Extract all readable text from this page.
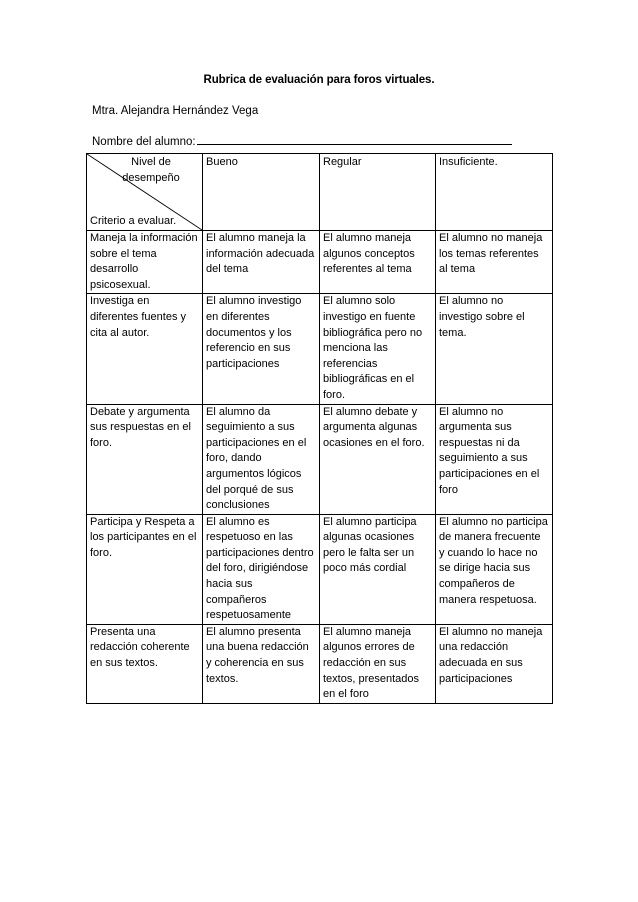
Rubrica de evaluación para foros virtuales.
Mtra. Alejandra Hernández Vega
Nombre del alumno:
Nivel de desempeño
Criterio a evaluar.	Bueno	Regular	Insuficiente.
Maneja la información sobre el tema desarrollo psicosexual.	El alumno maneja la información adecuada del tema	El alumno maneja algunos conceptos referentes al tema	El alumno no maneja los temas referentes al tema
Investiga en diferentes fuentes y cita al autor.	El alumno investigo en diferentes documentos y los referencio en sus participaciones	El alumno solo investigo en fuente bibliográfica pero no menciona las referencias bibliográficas en el foro.	El alumno no investigo sobre el tema.
Debate y argumenta sus respuestas en el foro.	El alumno da seguimiento a sus participaciones en el foro, dando argumentos lógicos del porqué de sus conclusiones	El alumno debate y argumenta algunas ocasiones en el foro.	El alumno no argumenta sus respuestas ni da seguimiento a sus participaciones en el foro
Participa y Respeta a los participantes en el foro.	El alumno es respetuoso en las participaciones dentro del foro, dirigiéndose hacia sus compañeros respetuosamente	El alumno participa algunas ocasiones pero le falta ser un poco más cordial	El alumno no participa de manera frecuente y cuando lo hace no se dirige hacia sus compañeros de manera respetuosa.
Presenta una redacción coherente en sus textos.	El alumno presenta una buena redacción y coherencia en sus textos.	El alumno maneja algunos errores de redacción en sus textos, presentados en el foro	El alumno no maneja una redacción adecuada en sus participaciones
